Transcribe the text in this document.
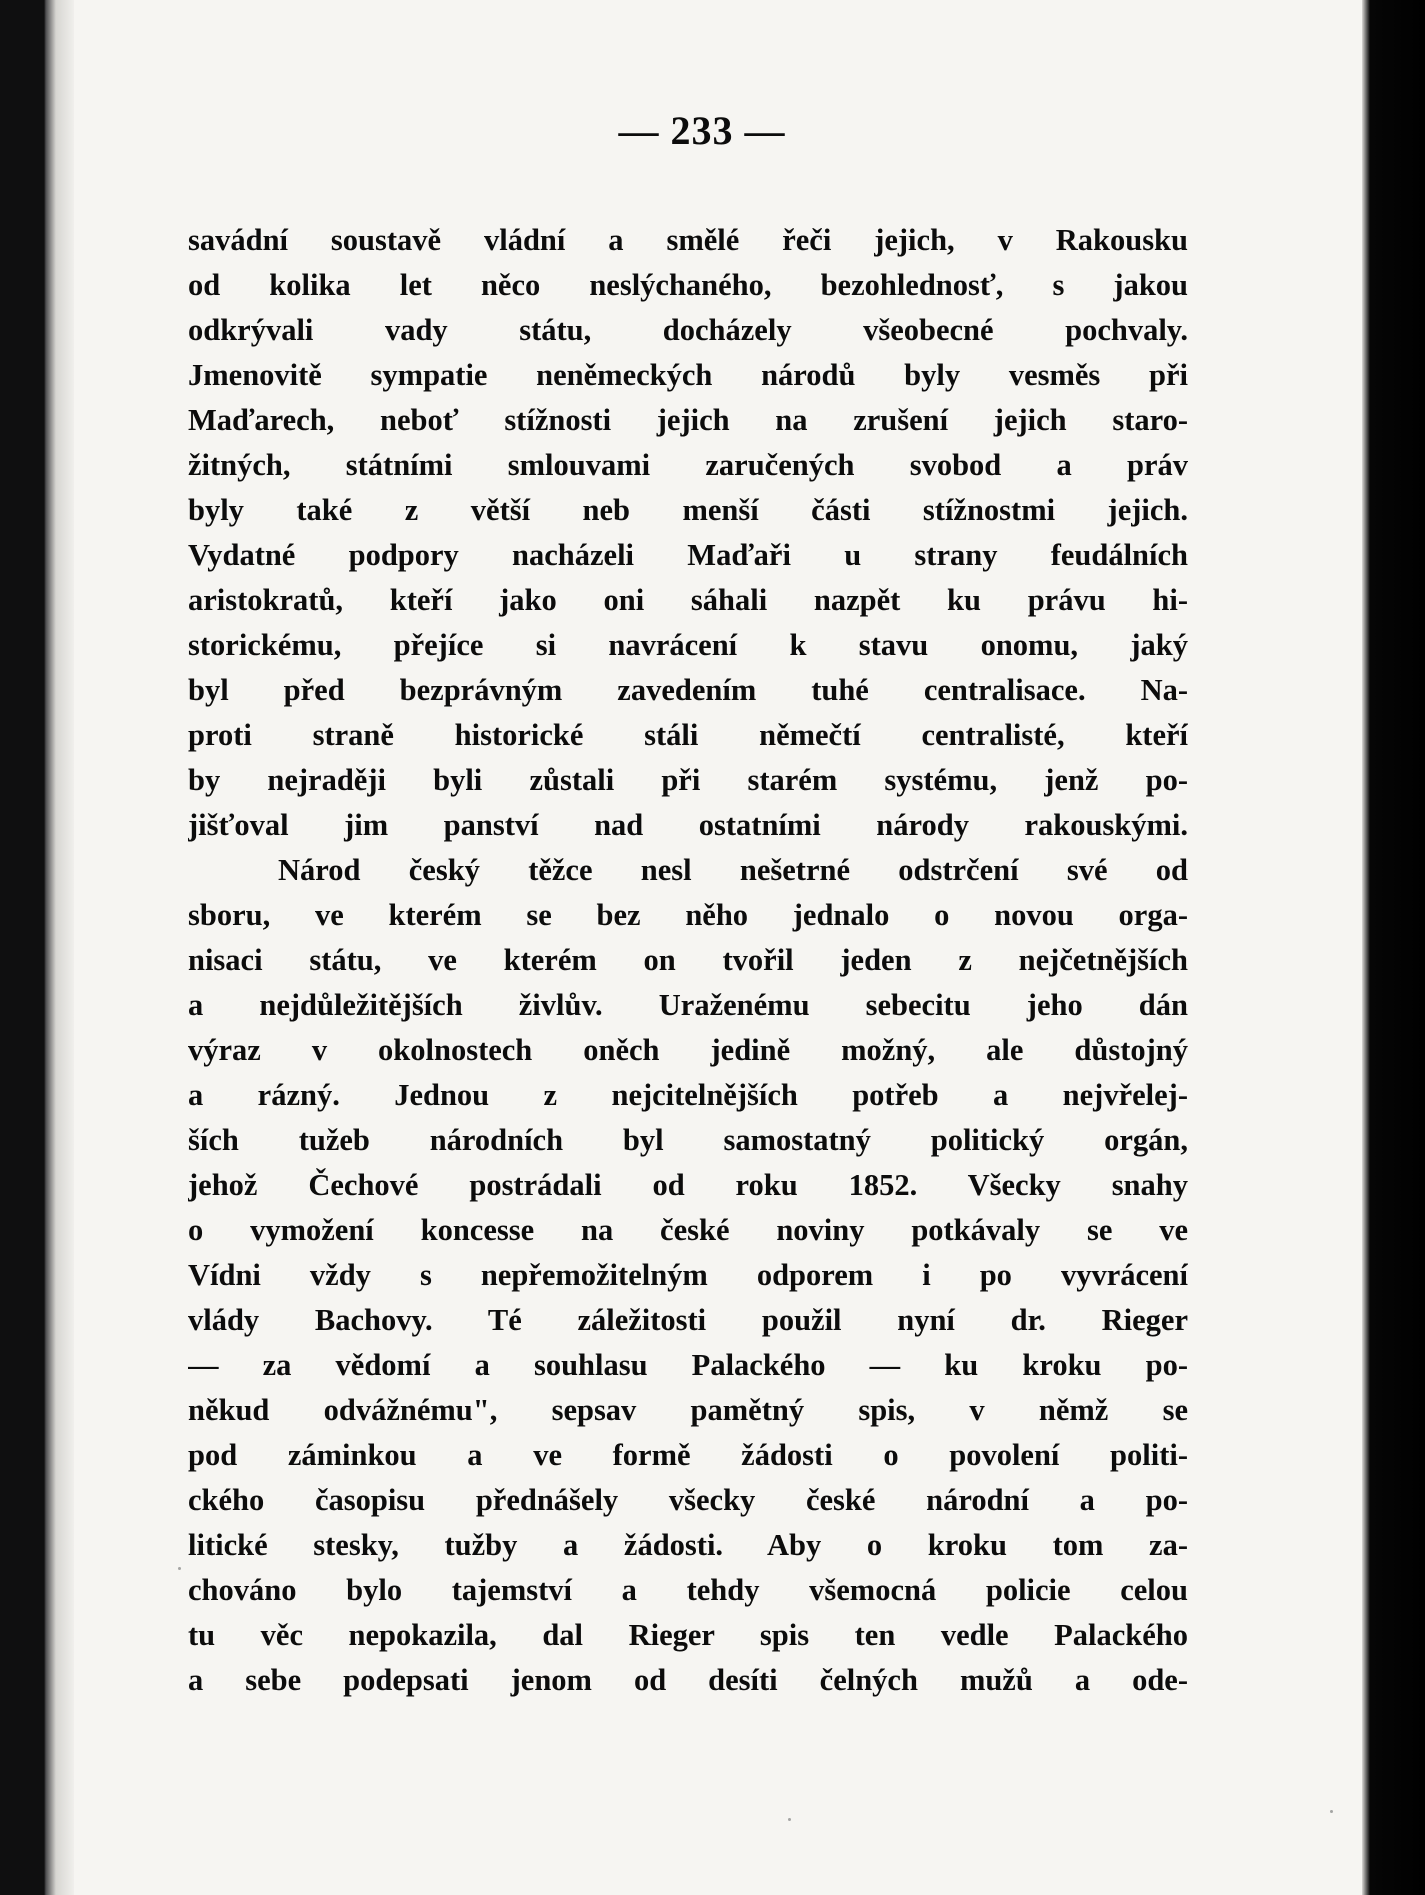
— 233 —
savádní soustavě vládní a smělé řeči jejich, v Rakousku
od kolika let něco neslýchaného, bezohlednosť, s jakou
odkrývali vady státu, docházely všeobecné pochvaly.
Jmenovitě sympatie neněmeckých národů byly vesměs při
Maďarech, neboť stížnosti jejich na zrušení jejich staro-
žitných, státními smlouvami zaručených svobod a práv
byly také z větší neb menší části stížnostmi jejich.
Vydatné podpory nacházeli Maďaři u strany feudálních
aristokratů, kteří jako oni sáhali nazpět ku právu hi-
storickému, přejíce si navrácení k stavu onomu, jaký
byl před bezprávným zavedením tuhé centralisace. Na-
proti straně historické stáli němečtí centralisté, kteří
by nejraději byli zůstali při starém systému, jenž po-
jišťoval jim panství nad ostatními národy rakouskými.
Národ český těžce nesl nešetrné odstrčení své od
sboru, ve kterém se bez něho jednalo o novou orga-
nisaci státu, ve kterém on tvořil jeden z nejčetnějších
a nejdůležitějších živlův. Uraženému sebecitu jeho dán
výraz v okolnostech oněch jedině možný, ale důstojný
a rázný. Jednou z nejcitelnějších potřeb a nejvřelej-
ších tužeb národních byl samostatný politický orgán,
jehož Čechové postrádali od roku 1852. Všecky snahy
o vymožení koncesse na české noviny potkávaly se ve
Vídni vždy s nepřemožitelným odporem i po vyvrácení
vlády Bachovy. Té záležitosti použil nyní dr. Rieger
— za vědomí a souhlasu Palackého — ku kroku po-
někud odvážnému", sepsav pamětný spis, v němž se
pod záminkou a ve formě žádosti o povolení politi-
ckého časopisu přednášely všecky české národní a po-
litické stesky, tužby a žádosti. Aby o kroku tom za-
chováno bylo tajemství a tehdy všemocná policie celou
tu věc nepokazila, dal Rieger spis ten vedle Palackého
a sebe podepsati jenom od desíti čelných mužů a ode-
